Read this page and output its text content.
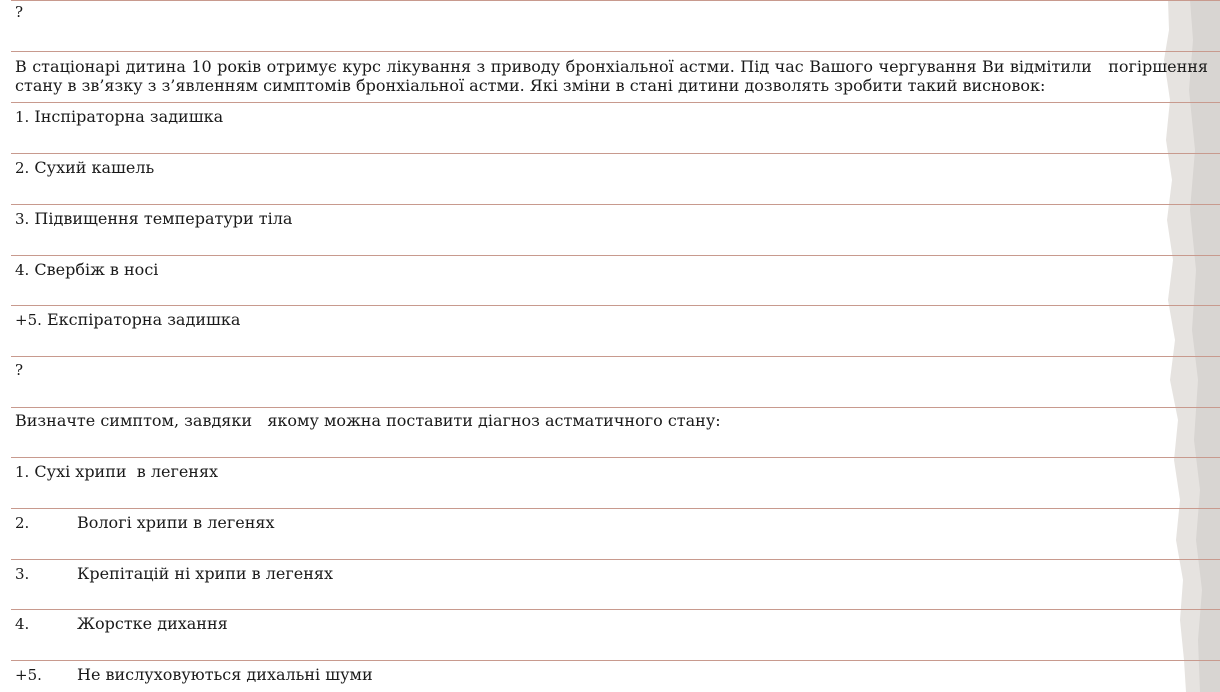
?
В стаціонарі дитина 10 років отримує курс лікування з приводу бронхіальної астми. Під час Вашого чергування Ви відмітили   погіршення стану в зв’язку з з’явленням симптомів бронхіальної астми. Які зміни в стані дитини дозволять зробити такий висновок:
1. Інспіраторна задишка
2. Сухий кашель
3. Підвищення температури тіла
4. Свербіж в носі
+5. Експіраторна задишка
?
Визначте симптом, завдяки   якому можна поставити діагноз астматичного стану:
1. Сухі хрипи  в легенях
2.	Вологі хрипи в легенях
3.	Крепітацій ні хрипи в легенях
4.	Жорстке дихання
+5.	Не вислуховуються дихальні шуми
